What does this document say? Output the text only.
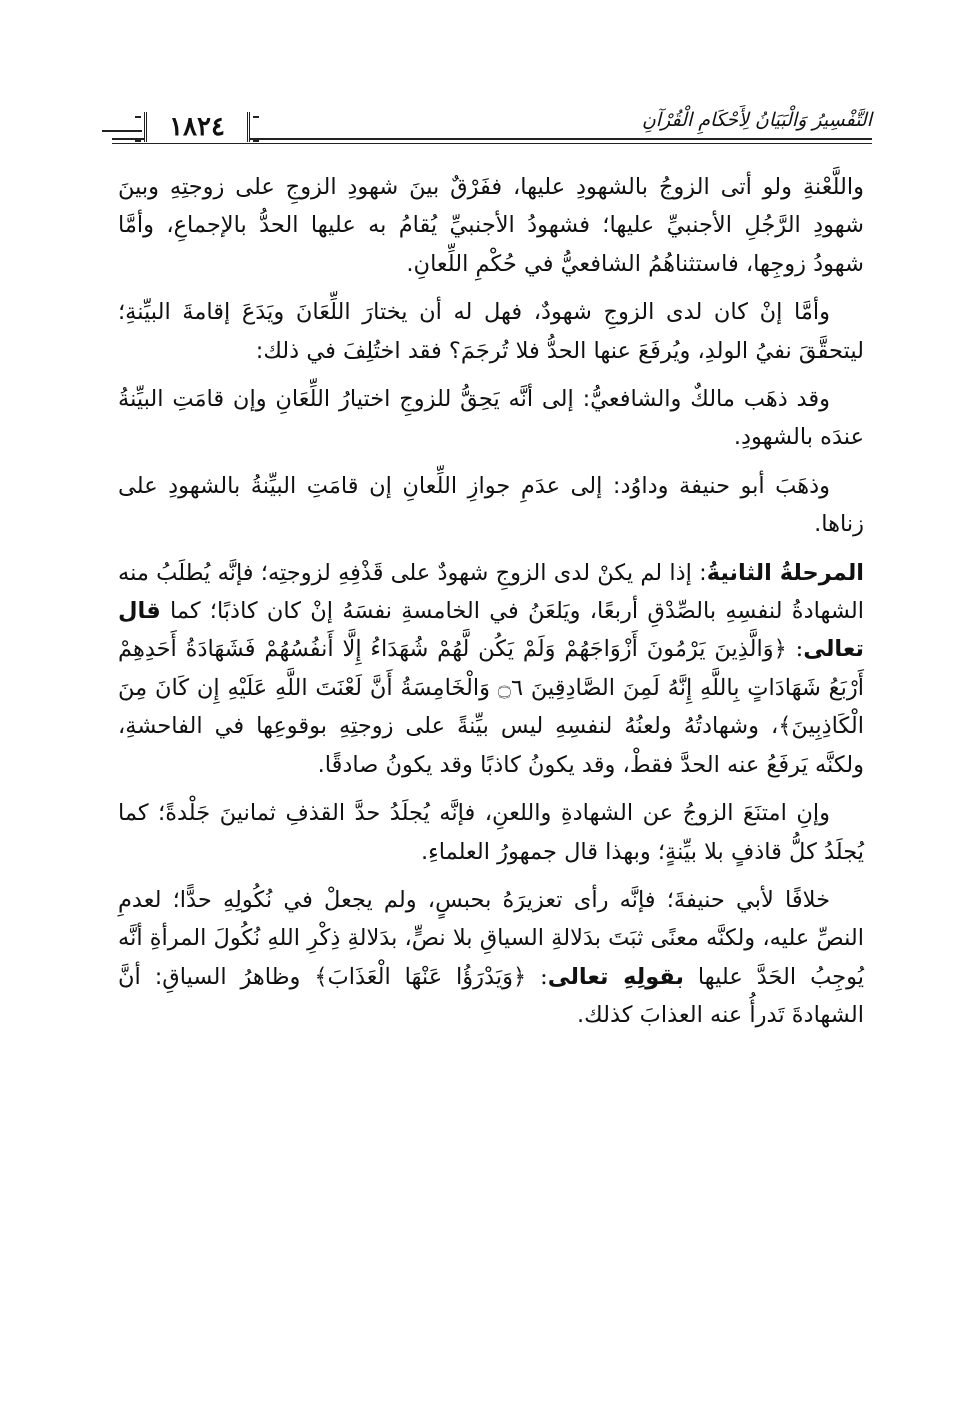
١٨٢٤	التَّفْسِيرُ وَالْبَيَانُ لِأَحْكَامِ الْقُرْآنِ

واللَّعْنةِ ولو أتى الزوجُ بالشهودِ عليها، ففَرْقٌ بينَ شهودِ الزوجِ على زوجتِهِ وبينَ شهودِ الرَّجُلِ الأجنبيِّ عليها؛ فشهودُ الأجنبيِّ يُقامُ به عليها الحدُّ بالإجماعِ، وأمَّا شهودُ زوجِها، فاستثناهُمُ الشافعيُّ في حُكْمِ اللِّعانِ.

وأمَّا إنْ كان لدى الزوجِ شهودٌ، فهل له أن يختارَ اللِّعَانَ ويَدَعَ إقامةَ البيِّنةِ؛ ليتحقَّقَ نفيُ الولدِ، ويُرفَعَ عنها الحدُّ فلا تُرجَمَ؟ فقد اختُلِفَ في ذلك:

وقد ذهَب مالكٌ والشافعيُّ: إلى أنَّه يَحِقُّ للزوجِ اختيارُ اللِّعَانِ وإن قامَتِ البيِّنةُ عندَه بالشهودِ.

وذهَبَ أبو حنيفة وداوُد: إلى عدَمِ جوازِ اللِّعانِ إن قامَتِ البيِّنةُ بالشهودِ على زناها.

المرحلةُ الثانيةُ: إذا لم يكنْ لدى الزوجِ شهودٌ على قَذْفِهِ لزوجتِه؛ فإنَّه يُطلَبُ منه الشهادةُ لنفسِهِ بالصِّدْقِ أربعًا، ويَلعَنُ في الخامسةِ نفسَهُ إنْ كان كاذبًا؛ كما قال تعالى: ﴿وَالَّذِينَ يَرْمُونَ أَزْوَاجَهُمْ وَلَمْ يَكُن لَّهُمْ شُهَدَاءُ إِلَّا أَنفُسُهُمْ فَشَهَادَةُ أَحَدِهِمْ أَرْبَعُ شَهَادَاتٍ بِاللَّهِ إِنَّهُ لَمِنَ الصَّادِقِينَ ۝٦ وَالْخَامِسَةُ أَنَّ لَعْنَتَ اللَّهِ عَلَيْهِ إِن كَانَ مِنَ الْكَاذِبِينَ﴾، وشهادتُهُ ولعنُهُ لنفسِهِ ليس بيِّنةً على زوجتِهِ بوقوعِها في الفاحشةِ، ولكنَّه يَرفَعُ عنه الحدَّ فقطْ، وقد يكونُ كاذبًا وقد يكونُ صادقًا.

وإنِ امتنَعَ الزوجُ عن الشهادةِ واللعنِ، فإنَّه يُجلَدُ حدَّ القذفِ ثمانينَ جَلْدةً؛ كما يُجلَدُ كلُّ قاذفٍ بلا بيِّنةٍ؛ وبهذا قال جمهورُ العلماءِ.

خلافًا لأبي حنيفةَ؛ فإنَّه رأى تعزيرَهُ بحبسٍ، ولم يجعلْ في نُكُولِهِ حدًّا؛ لعدمِ النصِّ عليه، ولكنَّه معنًى ثبَتَ بدَلالةِ السياقِ بلا نصٍّ، بدَلالةِ ذِكْرِ اللهِ نُكُولَ المرأةِ أنَّه يُوجِبُ الحَدَّ عليها بقولِهِ تعالى: ﴿وَيَدْرَؤُا عَنْهَا الْعَذَابَ﴾ وظاهرُ السياقِ: أنَّ الشهادةَ تَدرأُ عنه العذابَ كذلك.
